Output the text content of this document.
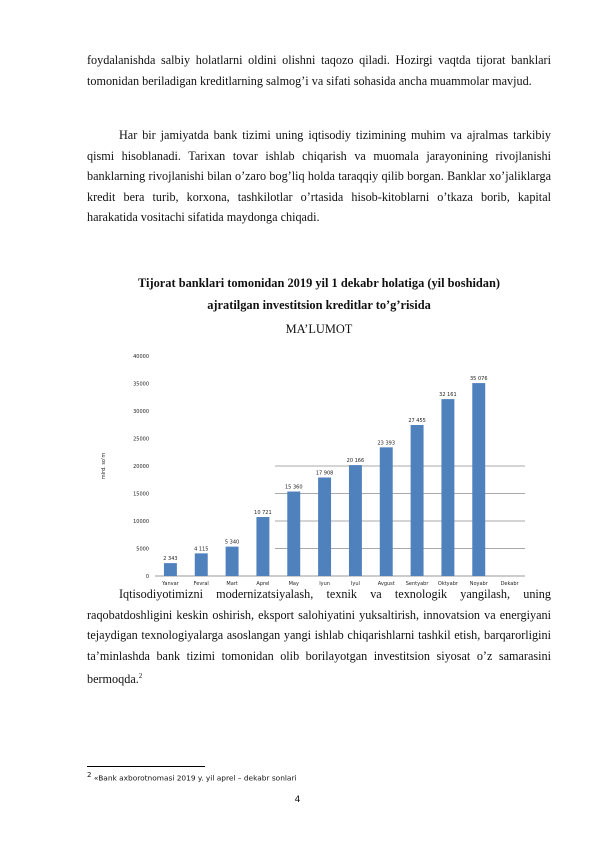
foydalanishda salbiy holatlarni oldini olishni taqozo qiladi. Hozirgi vaqtda tijorat banklari tomonidan beriladigan kreditlarning salmog’i va sifati sohasida ancha muammolar mavjud.

Har bir jamiyatda bank tizimi uning iqtisodiy tizimining muhim va ajralmas tarkibiy qismi hisoblanadi. Tarixan tovar ishlab chiqarish va muomala jarayonining rivojlanishi banklarning rivojlanishi bilan o’zaro bog’liq holda taraqqiy qilib borgan. Banklar xo’jaliklarga kredit bera turib, korxona, tashkilotlar o’rtasida hisob-kitoblarni o’tkaza borib, kapital harakatida vositachi sifatida maydonga chiqadi.

Tijorat banklari tomonidan 2019 yil 1 dekabr holatiga (yil boshidan)

ajratilgan investitsion kreditlar to’g’risida

MA’LUMOT

0
5000
10000
15000
20000
25000
30000
35000
40000
mlrd. so'm
2 343
Yanvar
4 115
Fevral
5 340
Mart
10 721
Aprel
15 360
May
17 908
Iyun
20 166
Iyul
23 393
Avgust
27 455
Sentyabr
32 161
Oktyabr
35 076
Noyabr	Dekabr

Iqtisodiyotimizni modernizatsiyalash, texnik va texnologik yangilash, uning raqobatdoshligini keskin oshirish, eksport salohiyatini yuksaltirish, innovatsion va energiyani tejaydigan texnologiyalarga asoslangan yangi ishlab chiqarishlarni tashkil etish, barqarorligini ta’minlashda bank tizimi tomonidan olib borilayotgan investitsion siyosat o’z samarasini bermoqda.$^2$

$^2$ «Bank axborotnomasi 2019 y. yil aprel – dekabr sonlari

4
